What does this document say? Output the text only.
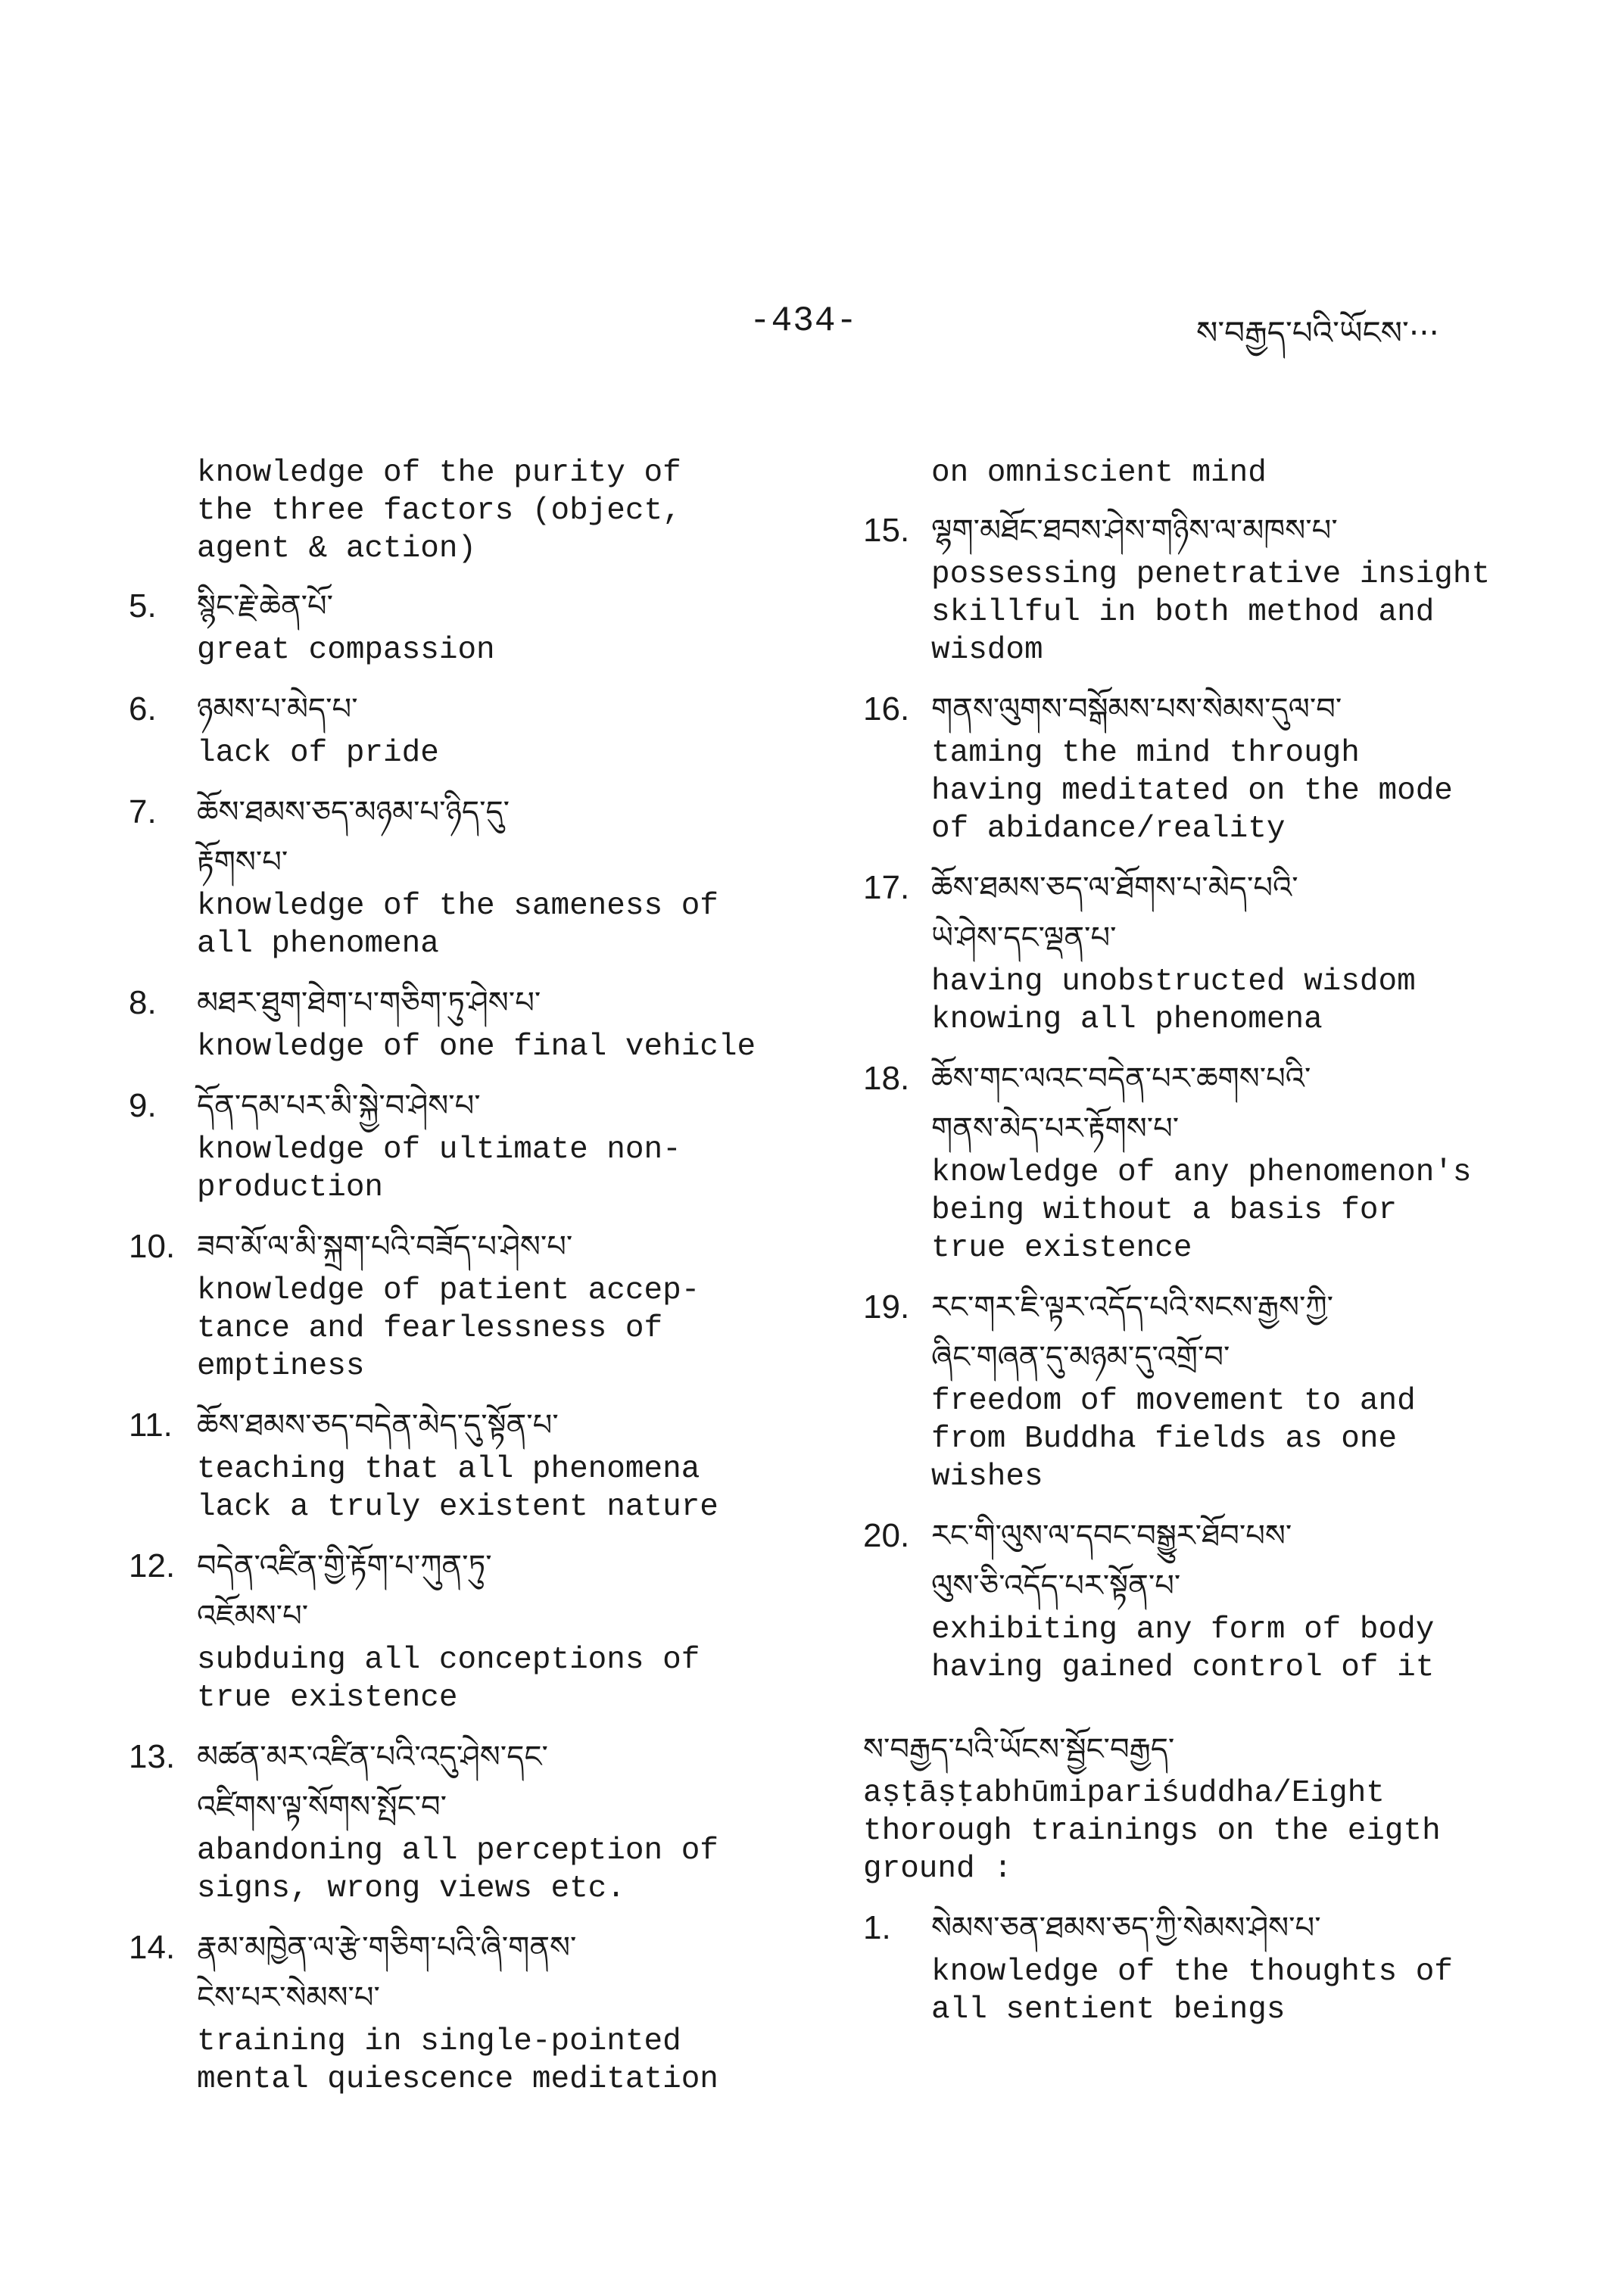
-434-	ས་བརྒྱད་པའི་ཡོངས་···
knowledge of the purity of
the three factors (object,
agent & action)
5. སྙིང་རྗེ་ཆེན་པོ་
great compassion
6. ཉམས་པ་མེད་པ་
lack of pride
7. ཆོས་ཐམས་ཅད་མཉམ་པ་ཉིད་དུ་
རྟོགས་པ་
knowledge of the sameness of
all phenomena
8. མཐར་ཐུག་ཐེག་པ་གཅིག་ཏུ་ཤེས་པ་
knowledge of one final vehicle
9. དོན་དམ་པར་མི་སྐྱེ་བ་ཤེས་པ་
knowledge of ultimate non-
production
10. ཟབ་མོ་ལ་མི་སྐྲག་པའི་བཟོད་པ་ཤེས་པ་
knowledge of patient accep-
tance and fearlessness of
emptiness
11. ཆོས་ཐམས་ཅད་བདེན་མེད་དུ་སྟོན་པ་
teaching that all phenomena
lack a truly existent nature
12. བདེན་འཛིན་གྱི་རྟོག་པ་ཀུན་ཏུ་
འཇོམས་པ་
subduing all conceptions of
true existence
13. མཚན་མར་འཛིན་པའི་འདུ་ཤེས་དང་
འཛིགས་ལྟ་སོགས་སྤོང་བ་
abandoning all perception of
signs, wrong views etc.
14. རྣམ་མཁྱེན་ལ་རྩེ་གཅིག་པའི་ཞི་གནས་
ངེས་པར་སེམས་པ་
training in single-pointed
mental quiescence meditation
on omniscient mind
15. ལྷག་མཐོང་ཐབས་ཤེས་གཉིས་ལ་མཁས་པ་
possessing penetrative insight
skillful in both method and
wisdom
16. གནས་ལུགས་བསྒོམས་པས་སེམས་དུལ་བ་
taming the mind through
having meditated on the mode
of abidance/reality
17. ཆོས་ཐམས་ཅད་ལ་ཐོགས་པ་མེད་པའི་
ཡེ་ཤེས་དང་ལྡན་པ་
having unobstructed wisdom
knowing all phenomena
18. ཆོས་གང་ལའང་བདེན་པར་ཆགས་པའི་
གནས་མེད་པར་རྟོགས་པ་
knowledge of any phenomenon's
being without a basis for
true existence
19. རང་གར་ཇི་ལྟར་འདོད་པའི་སངས་རྒྱས་ཀྱི་
ཞིང་གཞན་དུ་མཉམ་དུ་འགྲོ་བ་
freedom of movement to and
from Buddha fields as one
wishes
20. རང་གི་ལུས་ལ་དབང་བསྒྱུར་ཐོབ་པས་
ལུས་ཅི་འདོད་པར་སྟོན་པ་
exhibiting any form of body
having gained control of it
ས་བརྒྱད་པའི་ཡོངས་སྦྱོང་བརྒྱད་
aṣṭāṣṭabhūmipariśuddha/Eight
thorough trainings on the eigth
ground :
1. སེམས་ཅན་ཐམས་ཅད་ཀྱི་སེམས་ཤེས་པ་
knowledge of the thoughts of
all sentient beings
